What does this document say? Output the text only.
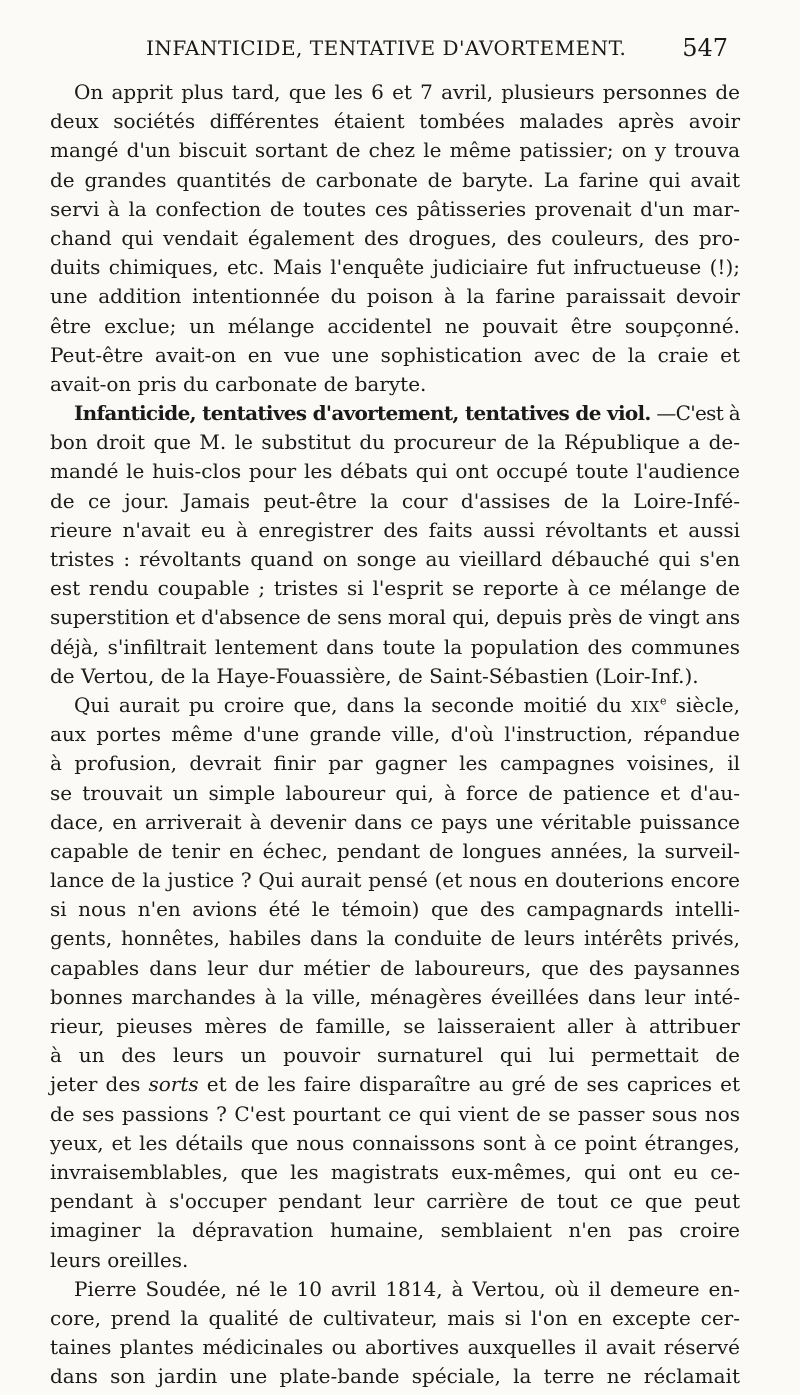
INFANTICIDE, TENTATIVE D'AVORTEMENT. 547

On apprit plus tard, que les 6 et 7 avril, plusieurs personnes de

deux sociétés différentes étaient tombées malades après avoir

mangé d'un biscuit sortant de chez le même patissier; on y trouva

de grandes quantités de carbonate de baryte. La farine qui avait

servi à la confection de toutes ces pâtisseries provenait d'un mar-

chand qui vendait également des drogues, des couleurs, des pro-

duits chimiques, etc. Mais l'enquête judiciaire fut infructueuse (!);

une addition intentionnée du poison à la farine paraissait devoir

être exclue; un mélange accidentel ne pouvait être soupçonné.

Peut-être avait-on en vue une sophistication avec de la craie et

avait-on pris du carbonate de baryte.

Infanticide, tentatives d'avortement, tentatives de viol. —C'est à

bon droit que M. le substitut du procureur de la République a de-

mandé le huis-clos pour les débats qui ont occupé toute l'audience

de ce jour. Jamais peut-être la cour d'assises de la Loire-Infé-

rieure n'avait eu à enregistrer des faits aussi révoltants et aussi

tristes : révoltants quand on songe au vieillard débauché qui s'en

est rendu coupable ; tristes si l'esprit se reporte à ce mélange de

superstition et d'absence de sens moral qui, depuis près de vingt ans

déjà, s'infiltrait lentement dans toute la population des communes

de Vertou, de la Haye-Fouassière, de Saint-Sébastien (Loir-Inf.).

Qui aurait pu croire que, dans la seconde moitié du XIXe siècle,

aux portes même d'une grande ville, d'où l'instruction, répandue

à profusion, devrait finir par gagner les campagnes voisines, il

se trouvait un simple laboureur qui, à force de patience et d'au-

dace, en arriverait à devenir dans ce pays une véritable puissance

capable de tenir en échec, pendant de longues années, la surveil-

lance de la justice ? Qui aurait pensé (et nous en douterions encore

si nous n'en avions été le témoin) que des campagnards intelli-

gents, honnêtes, habiles dans la conduite de leurs intérêts privés,

capables dans leur dur métier de laboureurs, que des paysannes

bonnes marchandes à la ville, ménagères éveillées dans leur inté-

rieur, pieuses mères de famille, se laisseraient aller à attribuer

à un des leurs un pouvoir surnaturel qui lui permettait de

jeter des sorts et de les faire disparaître au gré de ses caprices et

de ses passions ? C'est pourtant ce qui vient de se passer sous nos

yeux, et les détails que nous connaissons sont à ce point étranges,

invraisemblables, que les magistrats eux-mêmes, qui ont eu ce-

pendant à s'occuper pendant leur carrière de tout ce que peut

imaginer la dépravation humaine, semblaient n'en pas croire

leurs oreilles.

Pierre Soudée, né le 10 avril 1814, à Vertou, où il demeure en-

core, prend la qualité de cultivateur, mais si l'on en excepte cer-

taines plantes médicinales ou abortives auxquelles il avait réservé

dans son jardin une plate-bande spéciale, la terre ne réclamait
